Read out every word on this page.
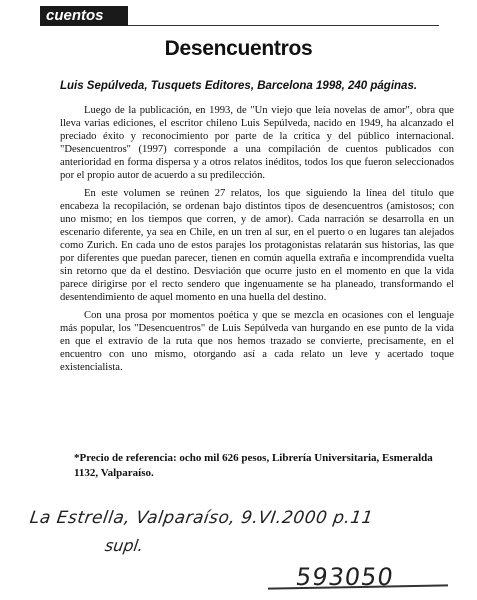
cuentos
Desencuentros
Luis Sepúlveda, Tusquets Editores, Barcelona 1998, 240 páginas.

Luego de la publicación, en 1993, de "Un viejo que leía novelas de amor", obra que lleva varias ediciones, el escritor chileno Luis Sepúlveda, nacido en 1949, ha alcanzado el preciado éxito y reconocimiento por parte de la crítica y del público internacional. "Desencuentros" (1997) corresponde a una compilación de cuentos publicados con anterioridad en forma dispersa y a otros relatos inéditos, todos los que fueron seleccionados por el propio autor de acuerdo a su predilección.

En este volumen se reúnen 27 relatos, los que siguiendo la línea del título que encabeza la recopilación, se ordenan bajo distintos tipos de desencuentros (amistosos; con uno mismo; en los tiempos que corren, y de amor). Cada narración se desarrolla en un escenario diferente, ya sea en Chile, en un tren al sur, en el puerto o en lugares tan alejados como Zurich. En cada uno de estos parajes los protagonistas relatarán sus historias, las que por diferentes que puedan parecer, tienen en común aquella extraña e incomprendida vuelta sin retorno que da el destino. Desviación que ocurre justo en el momento en que la vida parece dirigirse por el recto sendero que ingenuamente se ha planeado, transformando el desentendimiento de aquel momento en una huella del destino.

Con una prosa por momentos poética y que se mezcla en ocasiones con el lenguaje más popular, los "Desencuentros" de Luis Sepúlveda van hurgando en ese punto de la vida en que el extravío de la ruta que nos hemos trazado se convierte, precisamente, en el encuentro con uno mismo, otorgando así a cada relato un leve y acertado toque existencialista.

*Precio de referencia: ocho mil 626 pesos, Librería Universitaria, Esmeralda 1132, Valparaíso.
La Estrella, Valparaíso, 9.VI.2000 p.11
supl.
593050
